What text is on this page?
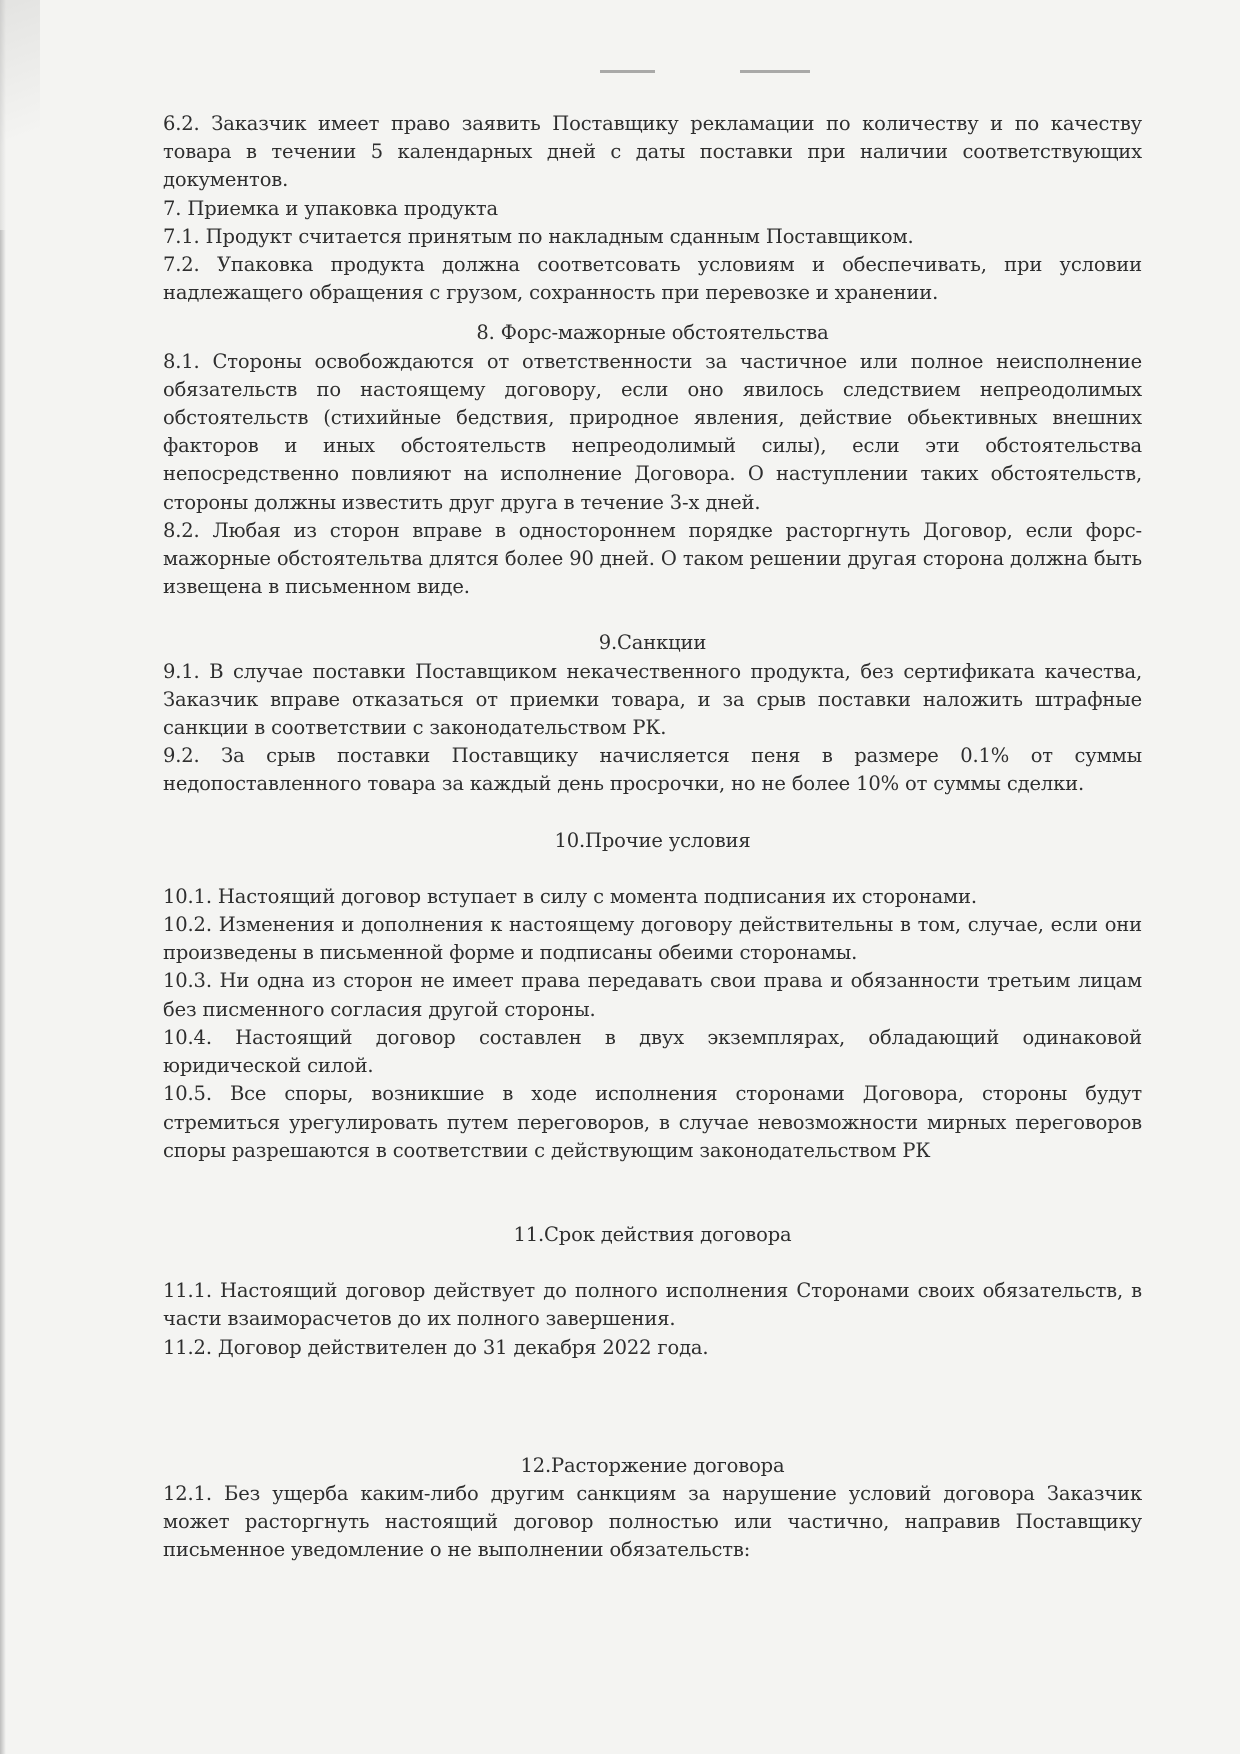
6.2. Заказчик имеет право заявить Поставщику рекламации по количеству и по качеству товара в течении 5 календарных дней с даты поставки при наличии соответствующих документов.

7. Приемка и упаковка продукта

7.1. Продукт считается принятым по накладным сданным Поставщиком.

7.2. Упаковка продукта должна соответсовать условиям и обеспечивать, при условии надлежащего обращения с грузом, сохранность при перевозке и хранении.

8. Форс-мажорные обстоятельства

8.1. Стороны освобождаются от ответственности за частичное или полное неисполнение обязательств по настоящему договору, если оно явилось следствием непреодолимых обстоятельств (стихийные бедствия, природное явления, действие обьективных внешних факторов и иных обстоятельств непреодолимый силы), если эти обстоятельства непосредственно повлияют на исполнение Договора. О наступлении таких обстоятельств, стороны должны известить друг друга в течение 3-х дней.

8.2. Любая из сторон вправе в одностороннем порядке расторгнуть Договор, если форс-мажорные обстоятельтва длятся более 90 дней. О таком решении другая сторона должна быть извещена в письменном виде.

9.Санкции

9.1. В случае поставки Поставщиком некачественного продукта, без сертификата качества, Заказчик вправе отказаться от приемки товара, и за срыв поставки наложить штрафные санкции в соответствии с законодательством РК.

9.2. За срыв поставки Поставщику начисляется пеня в размере 0.1% от суммы недопоставленного товара за каждый день просрочки, но не более 10% от суммы сделки.

10.Прочие условия

10.1. Настоящий договор вступает в силу с момента подписания их сторонами.

10.2. Изменения и дополнения к настоящему договору действительны в том, случае, если они произведены в письменной форме и подписаны обеими сторонамы.

10.3. Ни одна из сторон не имеет права передавать свои права и обязанности третьим лицам без писменного согласия другой стороны.

10.4. Настоящий договор составлен в двух экземплярах, обладающий одинаковой юридической силой.

10.5. Все споры, возникшие в ходе исполнения сторонами Договора, стороны будут стремиться урегулировать путем переговоров, в случае невозможности мирных переговоров споры разрешаются в соответствии с действующим законодательством РК

11.Срок действия договора

11.1. Настоящий договор действует до полного исполнения Сторонами своих обязательств, в части взаиморасчетов до их полного завершения.

11.2. Договор действителен до 31 декабря 2022 года.

12.Расторжение договора

12.1. Без ущерба каким-либо другим санкциям за нарушение условий договора Заказчик может расторгнуть настоящий договор полностью или частично, направив Поставщику письменное уведомление о не выполнении обязательств:
